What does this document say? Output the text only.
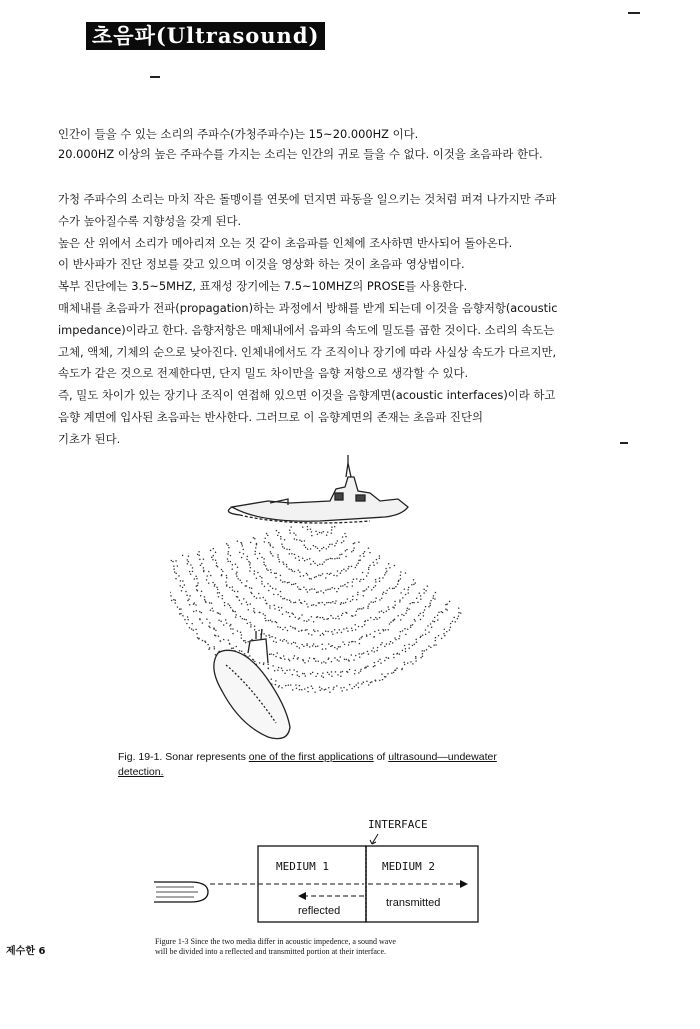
초음파(Ultrasound)
인간이 들을 수 있는 소리의 주파수(가청주파수)는 15~20.000HZ 이다.
20.000HZ 이상의 높은 주파수를 가지는 소리는 인간의 귀로 들을 수 없다. 이것을 초음파라 한다.
가청 주파수의 소리는 마치 작은 돌멩이를 연못에 던지면 파동을 일으키는 것처럼 퍼져 나가지만 주파
수가 높아질수록 지향성을 갖게 된다.
높은 산 위에서 소리가 메아리져 오는 것 같이 초음파를 인체에 조사하면 반사되어 돌아온다.
이 반사파가 진단 정보를 갖고 있으며 이것을 영상화 하는 것이 초음파 영상법이다.
복부 진단에는 3.5~5MHZ, 표재성 장기에는 7.5~10MHZ의 PROSE를 사용한다.
매체내를 초음파가 전파(propagation)하는 과정에서 방해를 받게 되는데 이것을 음향저항(acoustic
impedance)이라고 한다. 음향저항은 매체내에서 음파의 속도에 밀도를 곱한 것이다. 소리의 속도는
고체, 액체, 기체의 순으로 낮아진다. 인체내에서도 각 조직이나 장기에 따라 사실상 속도가 다르지만,
속도가 같은 것으로 전제한다면, 단지 밀도 차이만을 음향 저항으로 생각할 수 있다.
즉, 밀도 차이가 있는 장기나 조직이 연접해 있으면 이것을 음향계면(acoustic interfaces)이라 하고
음향 계면에 입사된 초음파는 반사한다. 그러므로 이 음향계면의 존재는 초음파 진단의
기초가 된다.
Fig. 19-1. Sonar represents one of the first applications of ultrasound—undewater
detection.
INTERFACE
MEDIUM 1	MEDIUM 2
reflected
transmitted
Figure 1-3 Since the two media differ in acoustic impedence, a sound wave
will be divided into a reflected and transmitted portion at their interface.
제수한 6
